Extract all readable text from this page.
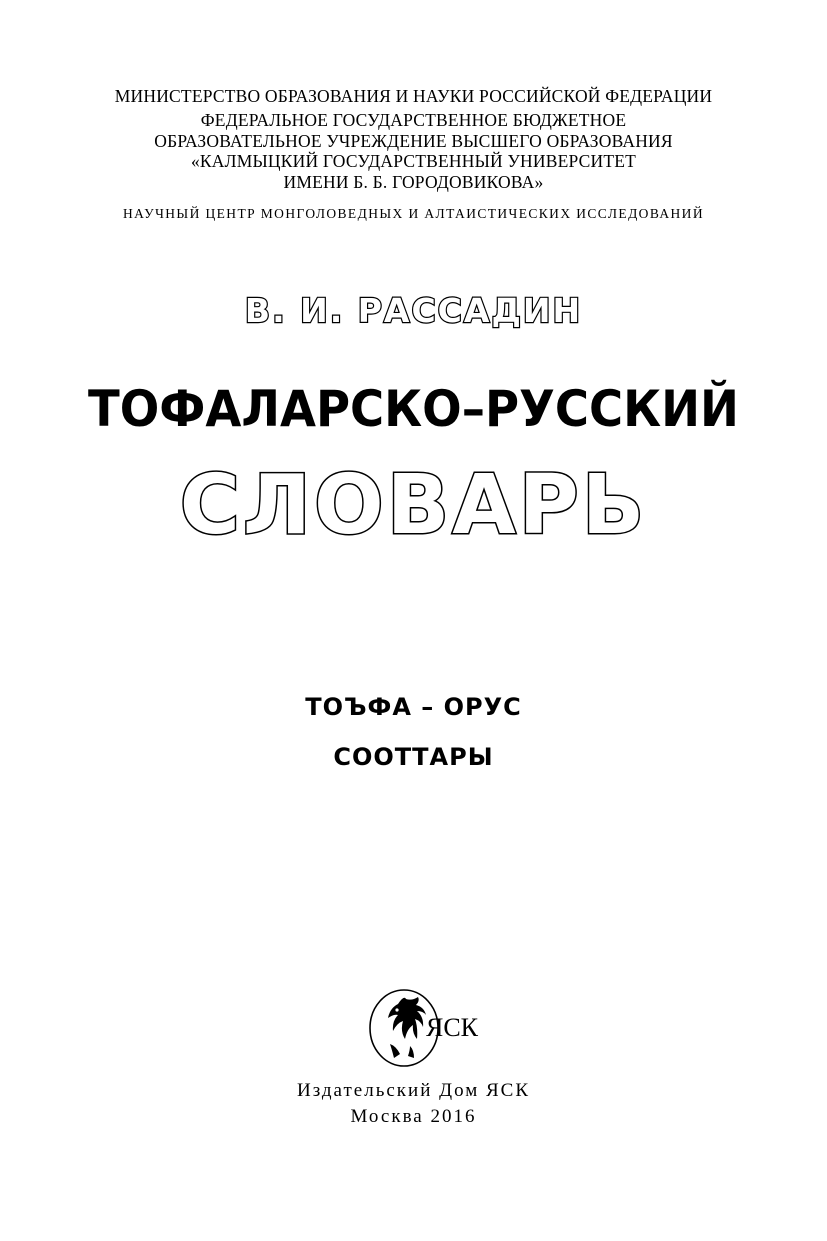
МИНИСТЕРСТВО ОБРАЗОВАНИЯ И НАУКИ РОССИЙСКОЙ ФЕДЕРАЦИИ
ФЕДЕРАЛЬНОЕ ГОСУДАРСТВЕННОЕ БЮДЖЕТНОЕ
ОБРАЗОВАТЕЛЬНОЕ УЧРЕЖДЕНИЕ ВЫСШЕГО ОБРАЗОВАНИЯ
«КАЛМЫЦКИЙ ГОСУДАРСТВЕННЫЙ УНИВЕРСИТЕТ
ИМЕНИ Б. Б. ГОРОДОВИКОВА»
НАУЧНЫЙ ЦЕНТР МОНГОЛОВЕДНЫХ И АЛТАИСТИЧЕСКИХ ИССЛЕДОВАНИЙ
В. И. РАССАДИН
ТОФАЛАРСКО–РУССКИЙ
СЛОВАРЬ
ТОЪФА – ОРУС
СООТТАРЫ
ЯСК
Издательский Дом ЯСК
Москва 2016
